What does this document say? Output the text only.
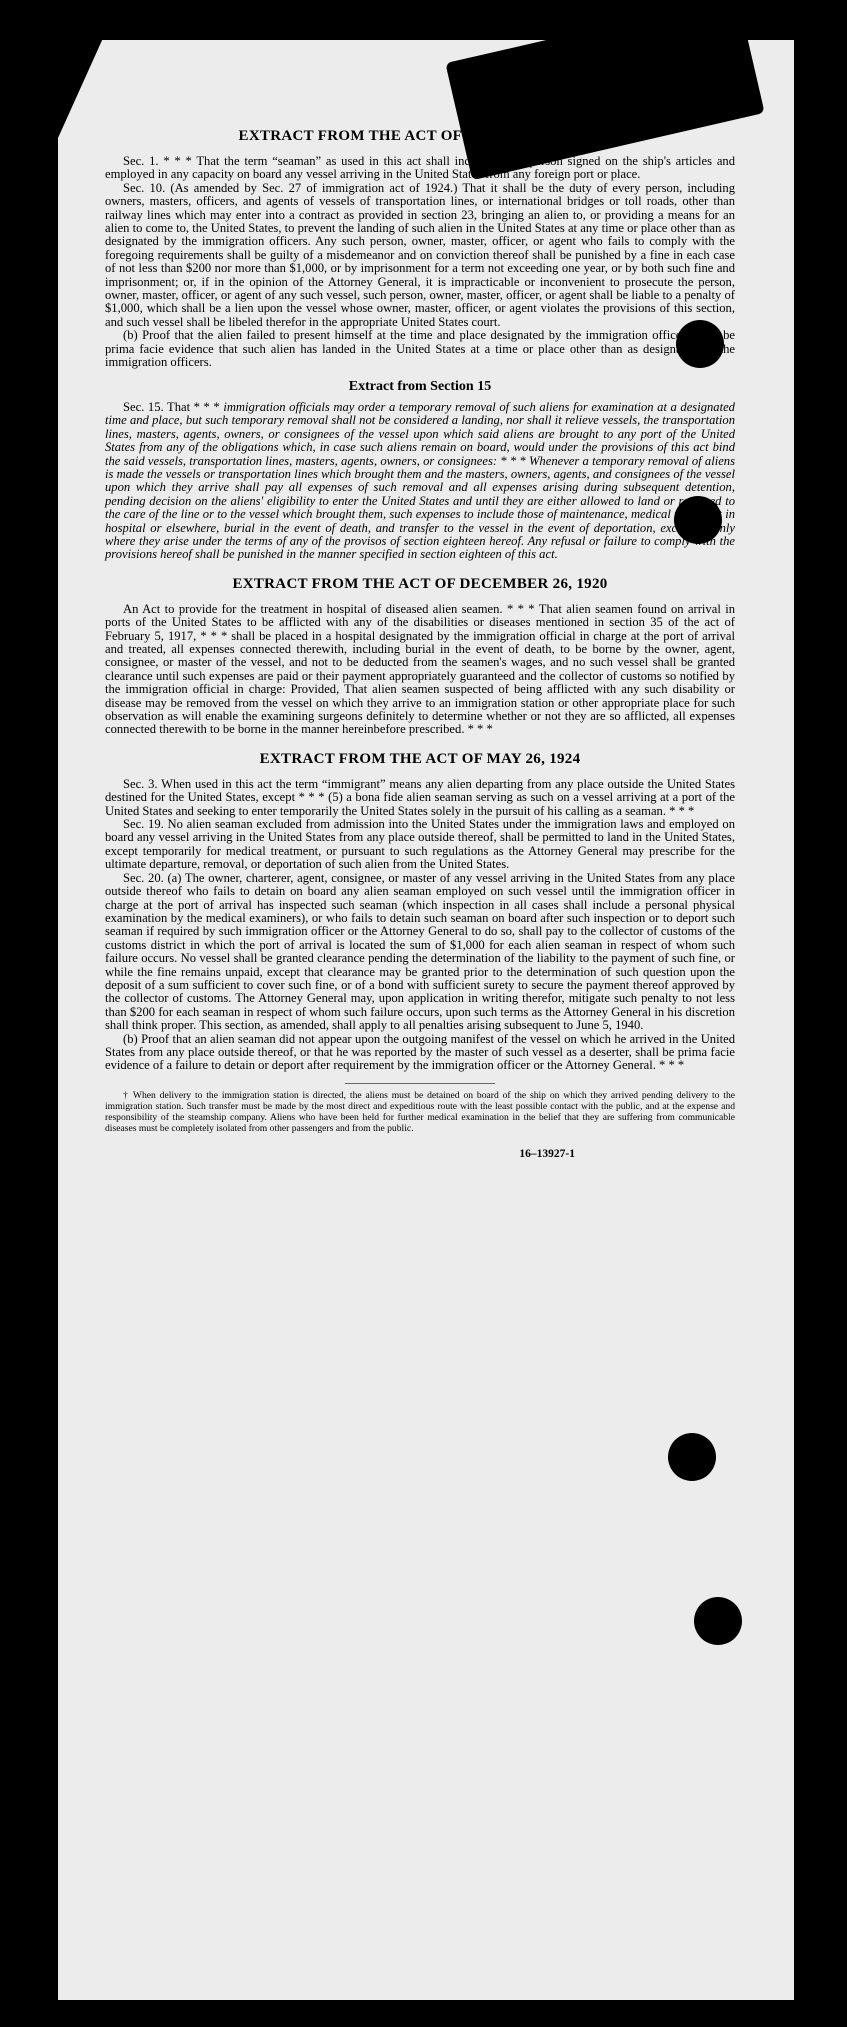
EXTRACT FROM THE ACT OF FEBRUARY 5, 1917

Sec. 1. * * * That the term “seaman” as used in this act shall include every person signed on the ship's articles and employed in any capacity on board any vessel arriving in the United States from any foreign port or place.

Sec. 10. (As amended by Sec. 27 of immigration act of 1924.) That it shall be the duty of every person, including owners, masters, officers, and agents of vessels of transportation lines, or international bridges or toll roads, other than railway lines which may enter into a contract as provided in section 23, bringing an alien to, or providing a means for an alien to come to, the United States, to prevent the landing of such alien in the United States at any time or place other than as designated by the immigration officers. Any such person, owner, master, officer, or agent who fails to comply with the foregoing requirements shall be guilty of a misdemeanor and on conviction thereof shall be punished by a fine in each case of not less than $200 nor more than $1,000, or by imprisonment for a term not exceeding one year, or by both such fine and imprisonment; or, if in the opinion of the Attorney General, it is impracticable or inconvenient to prosecute the person, owner, master, officer, or agent of any such vessel, such person, owner, master, officer, or agent shall be liable to a penalty of $1,000, which shall be a lien upon the vessel whose owner, master, officer, or agent violates the provisions of this section, and such vessel shall be libeled therefor in the appropriate United States court.

(b) Proof that the alien failed to present himself at the time and place designated by the immigration officers shall be prima facie evidence that such alien has landed in the United States at a time or place other than as designated by the immigration officers.

Extract from Section 15

Sec. 15. That * * * immigration officials may order a temporary removal of such aliens for examination at a designated time and place, but such temporary removal shall not be considered a landing, nor shall it relieve vessels, the transportation lines, masters, agents, owners, or consignees of the vessel upon which said aliens are brought to any port of the United States from any of the obligations which, in case such aliens remain on board, would under the provisions of this act bind the said vessels, transportation lines, masters, agents, owners, or consignees: * * * Whenever a temporary removal of aliens is made the vessels or transportation lines which brought them and the masters, owners, agents, and consignees of the vessel upon which they arrive shall pay all expenses of such removal and all expenses arising during subsequent detention, pending decision on the aliens' eligibility to enter the United States and until they are either allowed to land or returned to the care of the line or to the vessel which brought them, such expenses to include those of maintenance, medical treatment in hospital or elsewhere, burial in the event of death, and transfer to the vessel in the event of deportation, excepting only where they arise under the terms of any of the provisos of section eighteen hereof. Any refusal or failure to comply with the provisions hereof shall be punished in the manner specified in section eighteen of this act.

EXTRACT FROM THE ACT OF DECEMBER 26, 1920

An Act to provide for the treatment in hospital of diseased alien seamen. * * * That alien seamen found on arrival in ports of the United States to be afflicted with any of the disabilities or diseases mentioned in section 35 of the act of February 5, 1917, * * * shall be placed in a hospital designated by the immigration official in charge at the port of arrival and treated, all expenses connected therewith, including burial in the event of death, to be borne by the owner, agent, consignee, or master of the vessel, and not to be deducted from the seamen's wages, and no such vessel shall be granted clearance until such expenses are paid or their payment appropriately guaranteed and the collector of customs so notified by the immigration official in charge: Provided, That alien seamen suspected of being afflicted with any such disability or disease may be removed from the vessel on which they arrive to an immigration station or other appropriate place for such observation as will enable the examining surgeons definitely to determine whether or not they are so afflicted, all expenses connected therewith to be borne in the manner hereinbefore prescribed. * * *

EXTRACT FROM THE ACT OF MAY 26, 1924

Sec. 3. When used in this act the term “immigrant” means any alien departing from any place outside the United States destined for the United States, except * * * (5) a bona fide alien seaman serving as such on a vessel arriving at a port of the United States and seeking to enter temporarily the United States solely in the pursuit of his calling as a seaman. * * *

Sec. 19. No alien seaman excluded from admission into the United States under the immigration laws and employed on board any vessel arriving in the United States from any place outside thereof, shall be permitted to land in the United States, except temporarily for medical treatment, or pursuant to such regulations as the Attorney General may prescribe for the ultimate departure, removal, or deportation of such alien from the United States.

Sec. 20. (a) The owner, charterer, agent, consignee, or master of any vessel arriving in the United States from any place outside thereof who fails to detain on board any alien seaman employed on such vessel until the immigration officer in charge at the port of arrival has inspected such seaman (which inspection in all cases shall include a personal physical examination by the medical examiners), or who fails to detain such seaman on board after such inspection or to deport such seaman if required by such immigration officer or the Attorney General to do so, shall pay to the collector of customs of the customs district in which the port of arrival is located the sum of $1,000 for each alien seaman in respect of whom such failure occurs. No vessel shall be granted clearance pending the determination of the liability to the payment of such fine, or while the fine remains unpaid, except that clearance may be granted prior to the determination of such question upon the deposit of a sum sufficient to cover such fine, or of a bond with sufficient surety to secure the payment thereof approved by the collector of customs. The Attorney General may, upon application in writing therefor, mitigate such penalty to not less than $200 for each seaman in respect of whom such failure occurs, upon such terms as the Attorney General in his discretion shall think proper. This section, as amended, shall apply to all penalties arising subsequent to June 5, 1940.

(b) Proof that an alien seaman did not appear upon the outgoing manifest of the vessel on which he arrived in the United States from any place outside thereof, or that he was reported by the master of such vessel as a deserter, shall be prima facie evidence of a failure to detain or deport after requirement by the immigration officer or the Attorney General. * * *

† When delivery to the immigration station is directed, the aliens must be detained on board of the ship on which they arrived pending delivery to the immigration station. Such transfer must be made by the most direct and expeditious route with the least possible contact with the public, and at the expense and responsibility of the steamship company. Aliens who have been held for further medical examination in the belief that they are suffering from communicable diseases must be completely isolated from other passengers and from the public.

16–13927-1
